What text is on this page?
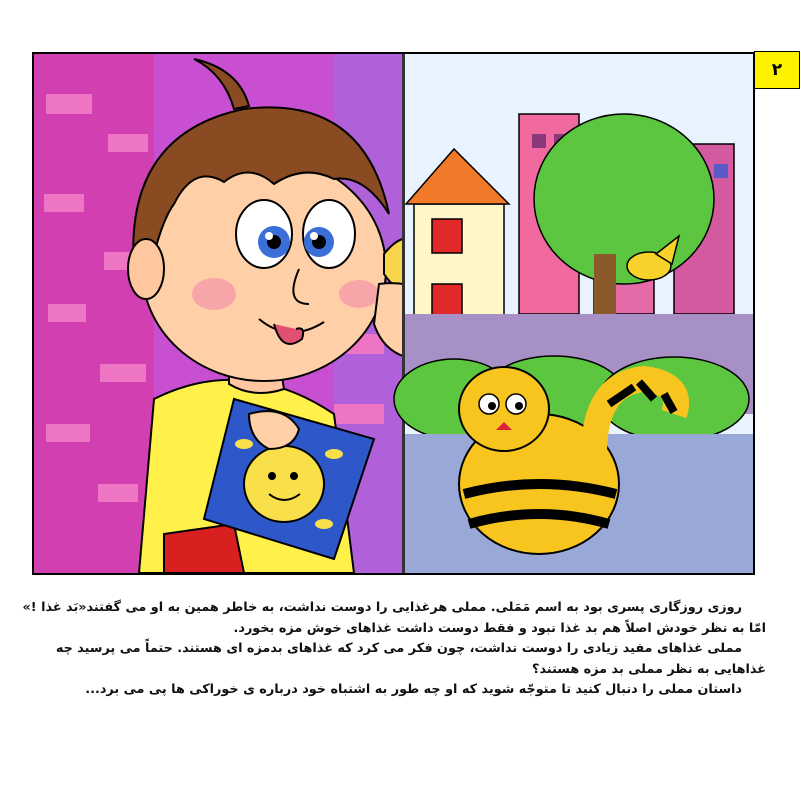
۲

روزی روزگاری پسری بود به اسم مَمَلی. مملی هرغذایی را دوست نداشت، به خاطر همین به او می گفتند«بَد غذا !»

امّا به نظر خودش اصلاً هم بد غذا نبود و فقط دوست داشت غذاهای خوش مزه بخورد.

مملی غذاهای مفید زیادی را دوست نداشت، چون فکر می کرد که غذاهای بدمزه ای هستند. حتماً می پرسید چه

غذاهایی به نظر مملی بد مزه هستند؟

داستان مملی را دنبال کنید تا متوجّه شوید که او چه طور به اشتباه خود درباره ی خوراکی ها پی می برد...
